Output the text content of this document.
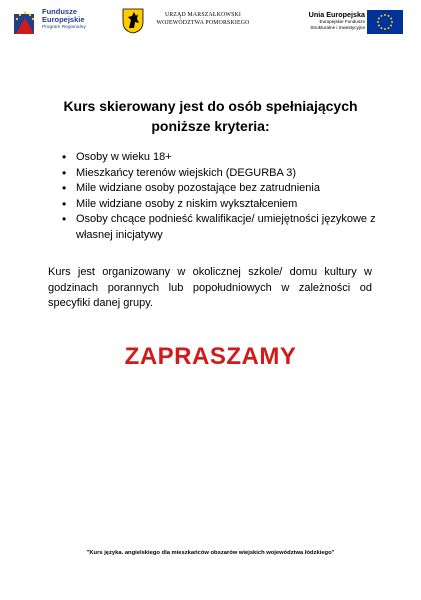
Fundusze
Europejskie
Program Regionalny
URZĄD MARSZAŁKOWSKI
WOJEWÓDZTWA POMORSKIEGO
Unia Europejska
Europejskie Fundusze
Strukturalne i Inwestycyjne
Kurs skierowany jest do osób spełniających
poniższe kryteria:
• Osoby w wieku 18+
• Mieszkańcy terenów wiejskich (DEGURBA 3)
• Mile widziane osoby pozostające bez zatrudnienia
• Mile widziane osoby z niskim wykształceniem
• Osoby chcące podnieść kwalifikacje/ umiejętności językowe z własnej inicjatywy
Kurs jest organizowany w okolicznej szkole/ domu kultury w godzinach porannych lub popołudniowych w zależności od specyfiki danej grupy.
ZAPRASZAMY
"Kurs języka. angielskiego dla mieszkańców obszarów wiejskich województwa łódzkiego"
